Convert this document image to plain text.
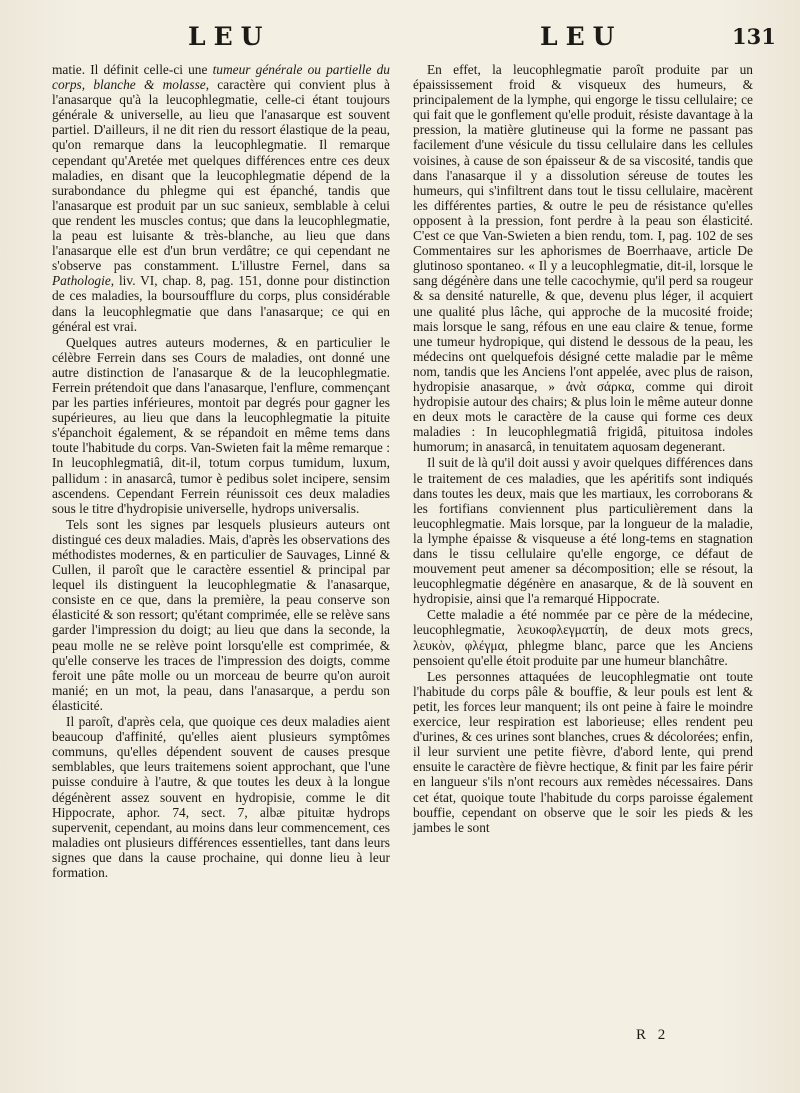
LEU	LEU	131

matie. Il définit celle-ci une tumeur générale ou partielle du corps, blanche & molasse, caractère qui convient plus à l'anasarque qu'à la leucophlegmatie, celle-ci étant toujours générale & universelle, au lieu que l'anasarque est souvent partiel. D'ailleurs, il ne dit rien du ressort élastique de la peau, qu'on remarque dans la leucophlegmatie. Il remarque cependant qu'Aretée met quelques différences entre ces deux maladies, en disant que la leucophlegmatie dépend de la surabondance du phlegme qui est épanché, tandis que l'anasarque est produit par un suc sanieux, semblable à celui que rendent les muscles contus; que dans la leucophlegmatie, la peau est luisante & très-blanche, au lieu que dans l'anasarque elle est d'un brun verdâtre; ce qui cependant ne s'observe pas constamment. L'illustre Fernel, dans sa Pathologie, liv. VI, chap. 8, pag. 151, donne pour distinction de ces maladies, la boursoufflure du corps, plus considérable dans la leucophlegmatie que dans l'anasarque; ce qui en général est vrai.

Quelques autres auteurs modernes, & en particulier le célèbre Ferrein dans ses Cours de maladies, ont donné une autre distinction de l'anasarque & de la leucophlegmatie. Ferrein prétendoit que dans l'anasarque, l'enflure, commençant par les parties inférieures, montoit par degrés pour gagner les supérieures, au lieu que dans la leucophlegmatie la pituite s'épanchoit également, & se répandoit en même tems dans toute l'habitude du corps. Van-Swieten fait la même remarque : In leucophlegmatiâ, dit-il, totum corpus tumidum, luxum, pallidum : in anasarcâ, tumor è pedibus solet incipere, sensim ascendens. Cependant Ferrein réunissoit ces deux maladies sous le titre d'hydropisie universelle, hydrops universalis.

Tels sont les signes par lesquels plusieurs auteurs ont distingué ces deux maladies. Mais, d'après les observations des méthodistes modernes, & en particulier de Sauvages, Linné & Cullen, il paroît que le caractère essentiel & principal par lequel ils distinguent la leucophlegmatie & l'anasarque, consiste en ce que, dans la première, la peau conserve son élasticité & son ressort; qu'étant comprimée, elle se relève sans garder l'impression du doigt; au lieu que dans la seconde, la peau molle ne se relève point lorsqu'elle est comprimée, & qu'elle conserve les traces de l'impression des doigts, comme feroit une pâte molle ou un morceau de beurre qu'on auroit manié; en un mot, la peau, dans l'anasarque, a perdu son élasticité.

Il paroît, d'après cela, que quoique ces deux maladies aient beaucoup d'affinité, qu'elles aient plusieurs symptômes communs, qu'elles dépendent souvent de causes presque semblables, que leurs traitemens soient approchant, que l'une puisse conduire à l'autre, & que toutes les deux à la longue dégénèrent assez souvent en hydropisie, comme le dit Hippocrate, aphor. 74, sect. 7, albæ pituitæ hydrops supervenit, cependant, au moins dans leur commencement, ces maladies ont plusieurs différences essentielles, tant dans leurs signes que dans la cause prochaine, qui donne lieu à leur formation.

En effet, la leucophlegmatie paroît produite par un épaississement froid & visqueux des humeurs, & principalement de la lymphe, qui engorge le tissu cellulaire; ce qui fait que le gonflement qu'elle produit, résiste davantage à la pression, la matière glutineuse qui la forme ne passant pas facilement d'une vésicule du tissu cellulaire dans les cellules voisines, à cause de son épaisseur & de sa viscosité, tandis que dans l'anasarque il y a dissolution séreuse de toutes les humeurs, qui s'infiltrent dans tout le tissu cellulaire, macèrent les différentes parties, & outre le peu de résistance qu'elles opposent à la pression, font perdre à la peau son élasticité. C'est ce que Van-Swieten a bien rendu, tom. I, pag. 102 de ses Commentaires sur les aphorismes de Boerrhaave, article De glutinoso spontaneo. « Il y a leucophlegmatie, dit-il, lorsque le sang dégénère dans une telle cacochymie, qu'il perd sa rougeur & sa densité naturelle, & que, devenu plus léger, il acquiert une qualité plus lâche, qui approche de la mucosité froide; mais lorsque le sang, réfous en une eau claire & tenue, forme une tumeur hydropique, qui distend le dessous de la peau, les médecins ont quelquefois désigné cette maladie par le même nom, tandis que les Anciens l'ont appelée, avec plus de raison, hydropisie anasarque, » ἀνὰ σάρκα, comme qui diroit hydropisie autour des chairs; & plus loin le même auteur donne en deux mots le caractère de la cause qui forme ces deux maladies : In leucophlegmatiâ frigidâ, pituitosa indoles humorum; in anasarcâ, in tenuitatem aquosam degenerant.

Il suit de là qu'il doit aussi y avoir quelques différences dans le traitement de ces maladies, que les apéritifs sont indiqués dans toutes les deux, mais que les martiaux, les corroborans & les fortifians conviennent plus particulièrement dans la leucophlegmatie. Mais lorsque, par la longueur de la maladie, la lymphe épaisse & visqueuse a été long-tems en stagnation dans le tissu cellulaire qu'elle engorge, ce défaut de mouvement peut amener sa décomposition; elle se résout, la leucophlegmatie dégénère en anasarque, & de là souvent en hydropisie, ainsi que l'a remarqué Hippocrate.

Cette maladie a été nommée par ce père de la médecine, leucophlegmatie, λευκοφλεγματίη, de deux mots grecs, λευκὸν, φλέγμα, phlegme blanc, parce que les Anciens pensoient qu'elle étoit produite par une humeur blanchâtre.

Les personnes attaquées de leucophlegmatie ont toute l'habitude du corps pâle & bouffie, & leur pouls est lent & petit, les forces leur manquent; ils ont peine à faire le moindre exercice, leur respiration est laborieuse; elles rendent peu d'urines, & ces urines sont blanches, crues & décolorées; enfin, il leur survient une petite fièvre, d'abord lente, qui prend ensuite le caractère de fièvre hectique, & finit par les faire périr en langueur s'ils n'ont recours aux remèdes nécessaires. Dans cet état, quoique toute l'habitude du corps paroisse également bouffie, cependant on observe que le soir les pieds & les jambes le sont

R 2
